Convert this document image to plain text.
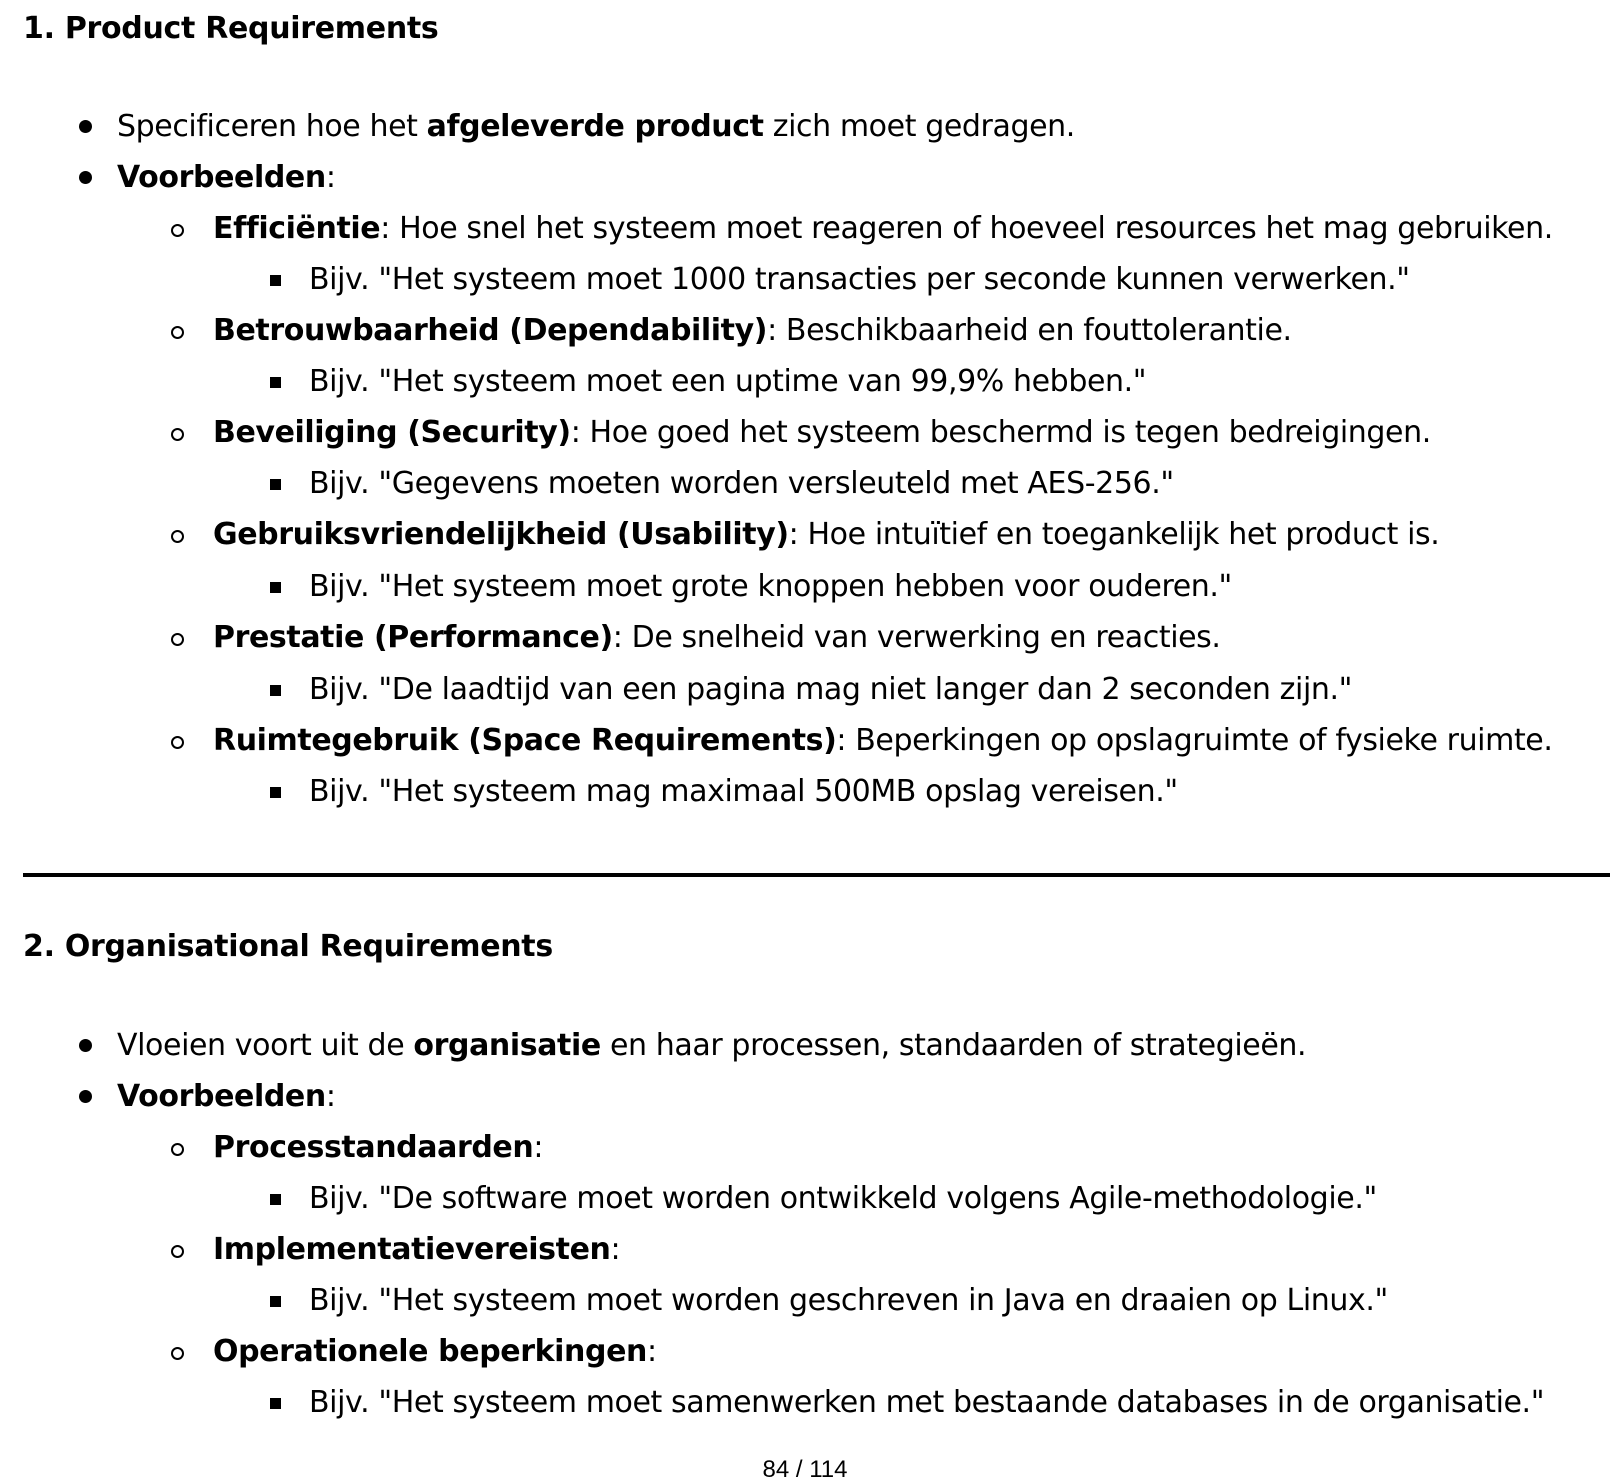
1. Product Requirements
Specificeren hoe het afgeleverde product zich moet gedragen.
Voorbeelden:
Efficiëntie: Hoe snel het systeem moet reageren of hoeveel resources het mag gebruiken.
Bijv. "Het systeem moet 1000 transacties per seconde kunnen verwerken."
Betrouwbaarheid (Dependability): Beschikbaarheid en fouttolerantie.
Bijv. "Het systeem moet een uptime van 99,9% hebben."
Beveiliging (Security): Hoe goed het systeem beschermd is tegen bedreigingen.
Bijv. "Gegevens moeten worden versleuteld met AES-256."
Gebruiksvriendelijkheid (Usability): Hoe intuïtief en toegankelijk het product is.
Bijv. "Het systeem moet grote knoppen hebben voor ouderen."
Prestatie (Performance): De snelheid van verwerking en reacties.
Bijv. "De laadtijd van een pagina mag niet langer dan 2 seconden zijn."
Ruimtegebruik (Space Requirements): Beperkingen op opslagruimte of fysieke ruimte.
Bijv. "Het systeem mag maximaal 500MB opslag vereisen."
2. Organisational Requirements
Vloeien voort uit de organisatie en haar processen, standaarden of strategieën.
Voorbeelden:
Processtandaarden:
Bijv. "De software moet worden ontwikkeld volgens Agile-methodologie."
Implementatievereisten:
Bijv. "Het systeem moet worden geschreven in Java en draaien op Linux."
Operationele beperkingen:
Bijv. "Het systeem moet samenwerken met bestaande databases in de organisatie."
84 / 114
